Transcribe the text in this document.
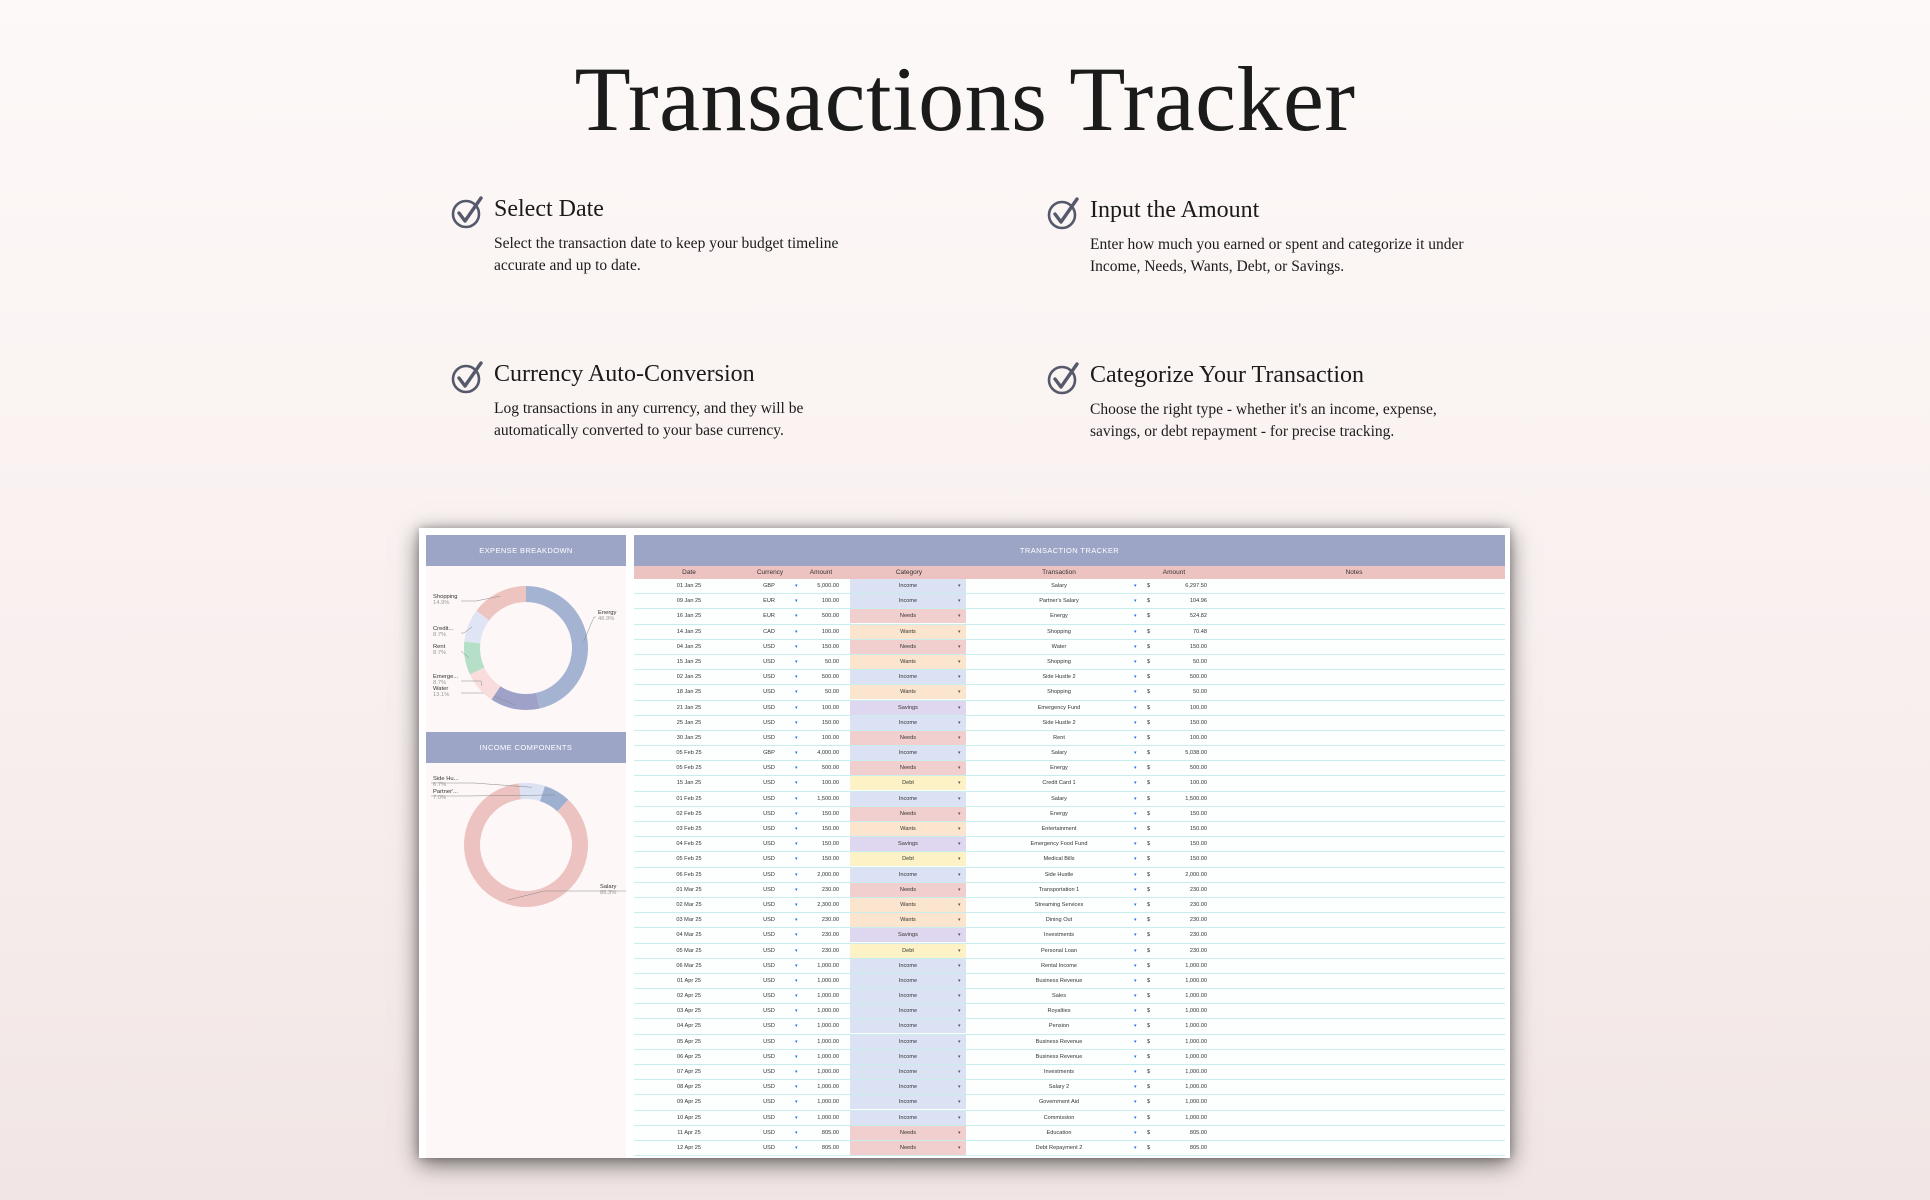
Transactions Tracker
Select Date

Select the transaction date to keep your budget timeline
accurate and up to date.

Input the Amount

Enter how much you earned or spent and categorize it under
Income, Needs, Wants, Debt, or Savings.

Currency Auto-Conversion

Log transactions in any currency, and they will be
automatically converted to your base currency.

Categorize Your Transaction

Choose the right type - whether it's an income, expense,
savings, or debt repayment - for precise tracking.

EXPENSE BREAKDOWN
Energy
46.9%
Water
13.1%
Emerge...
8.7%
Rent
8.7%
Credit...
8.7%
Shopping
14.9%
INCOME COMPONENTS
Salary
86.3%
Side Hu...
6.7%
Partner'...
7.0%
TRANSACTION TRACKER
Date	Currency	Amount	Category	Transaction	Amount	Notes
01 Jan 25	GBP	▾	5,000.00	Income	▾	Salary	▾ $	6,297.50
09 Jan 25	EUR	▾	100.00	Income	▾	Partner's Salary	▾ $	104.96
16 Jan 25	EUR	▾	500.00	Needs	▾	Energy	▾ $	524.82
14 Jan 25	CAD	▾	100.00	Wants	▾	Shopping	▾ $	70.48
04 Jan 25	USD	▾	150.00	Needs	▾	Water	▾ $	150.00
15 Jan 25	USD	▾	50.00	Wants	▾	Shopping	▾ $	50.00
02 Jan 25	USD	▾	500.00	Income	▾	Side Hustle 2	▾ $	500.00
18 Jan 25	USD	▾	50.00	Wants	▾	Shopping	▾ $	50.00
21 Jan 25	USD	▾	100.00	Savings	▾	Emergency Fund	▾ $	100.00
25 Jan 25	USD	▾	150.00	Income	▾	Side Hustle 2	▾ $	150.00
30 Jan 25	USD	▾	100.00	Needs	▾	Rent	▾ $	100.00
05 Feb 25	GBP	▾	4,000.00	Income	▾	Salary	▾ $	5,038.00
05 Feb 25	USD	▾	500.00	Needs	▾	Energy	▾ $	500.00
15 Jan 25	USD	▾	100.00	Debt	▾	Credit Card 1	▾ $	100.00
01 Feb 25	USD	▾	1,500.00	Income	▾	Salary	▾ $	1,500.00
02 Feb 25	USD	▾	150.00	Needs	▾	Energy	▾ $	150.00
03 Feb 25	USD	▾	150.00	Wants	▾	Entertainment	▾ $	150.00
04 Feb 25	USD	▾	150.00	Savings	▾	Emergency Food Fund	▾ $	150.00
05 Feb 25	USD	▾	150.00	Debt	▾	Medical Bills	▾ $	150.00
06 Feb 25	USD	▾	2,000.00	Income	▾	Side Hustle	▾ $	2,000.00
01 Mar 25	USD	▾	230.00	Needs	▾	Transportation 1	▾ $	230.00
02 Mar 25	USD	▾	2,300.00	Wants	▾	Streaming Services	▾ $	230.00
03 Mar 25	USD	▾	230.00	Wants	▾	Dining Out	▾ $	230.00
04 Mar 25	USD	▾	230.00	Savings	▾	Investments	▾ $	230.00
05 Mar 25	USD	▾	230.00	Debt	▾	Personal Loan	▾ $	230.00
06 Mar 25	USD	▾	1,000.00	Income	▾	Rental Income	▾ $	1,000.00
01 Apr 25	USD	▾	1,000.00	Income	▾	Business Revenue	▾ $	1,000.00
02 Apr 25	USD	▾	1,000.00	Income	▾	Sales	▾ $	1,000.00
03 Apr 25	USD	▾	1,000.00	Income	▾	Royalties	▾ $	1,000.00
04 Apr 25	USD	▾	1,000.00	Income	▾	Pension	▾ $	1,000.00
05 Apr 25	USD	▾	1,000.00	Income	▾	Business Revenue	▾ $	1,000.00
06 Apr 25	USD	▾	1,000.00	Income	▾	Business Revenue	▾ $	1,000.00
07 Apr 25	USD	▾	1,000.00	Income	▾	Investments	▾ $	1,000.00
08 Apr 25	USD	▾	1,000.00	Income	▾	Salary 2	▾ $	1,000.00
09 Apr 25	USD	▾	1,000.00	Income	▾	Government Aid	▾ $	1,000.00
10 Apr 25	USD	▾	1,000.00	Income	▾	Commission	▾ $	1,000.00
11 Apr 25	USD	▾	805.00	Needs	▾	Education	▾ $	805.00
12 Apr 25	USD	▾	805.00	Needs	▾	Debt Repayment 2	▾ $	805.00
